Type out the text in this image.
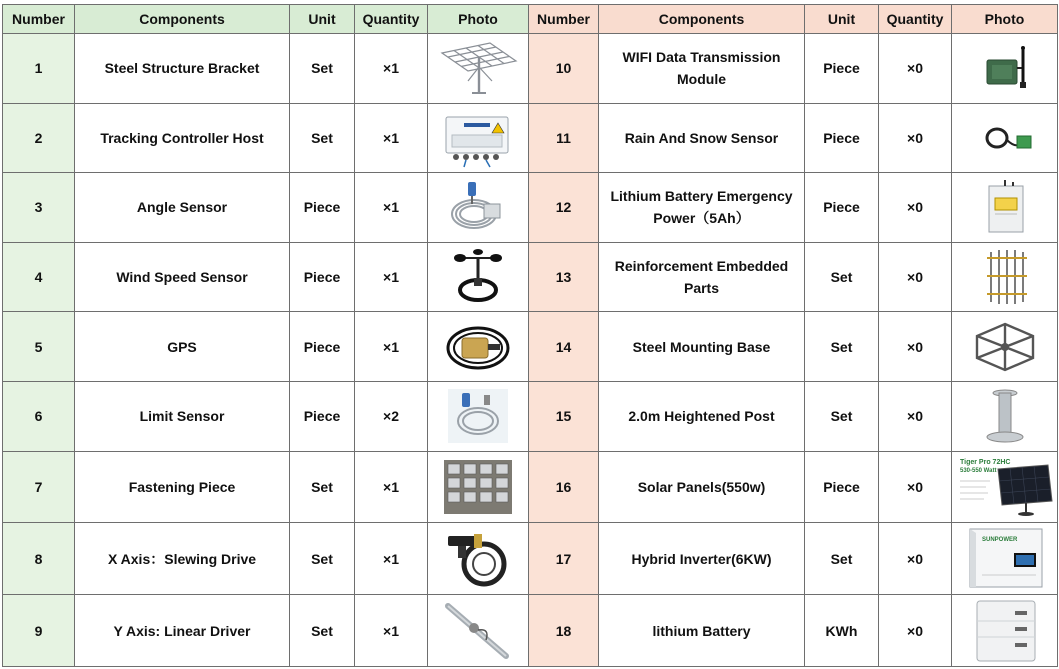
Number	Components	Unit	Quantity	Photo	Number	Components	Unit	Quantity	Photo
1	Steel Structure Bracket	Set	×1		10	WIFI Data Transmission Module	Piece	×0	

2	Tracking Controller Host	Set	×1		11	Rain And Snow Sensor	Piece	×0	

3	Angle Sensor	Piece	×1		12	Lithium Battery Emergency Power（5Ah）	Piece	×0	

4	Wind Speed Sensor	Piece	×1		13	Reinforcement Embedded Parts	Set	×0	

5	GPS	Piece	×1		14	Steel Mounting Base	Set	×0	

6	Limit Sensor	Piece	×2		15	2.0m Heightened Post	Set	×0	

7	Fastening Piece	Set	×1		16	Solar Panels(550w)	Piece	×0	Tiger Pro 72HC
530-550 Watt

8	X Axis：Slewing Drive	Set	×1		17	Hybrid Inverter(6KW)	Set	×0	SUNPOWER

9	Y Axis: Linear Driver	Set	×1		18	lithium Battery	KWh	×0	
